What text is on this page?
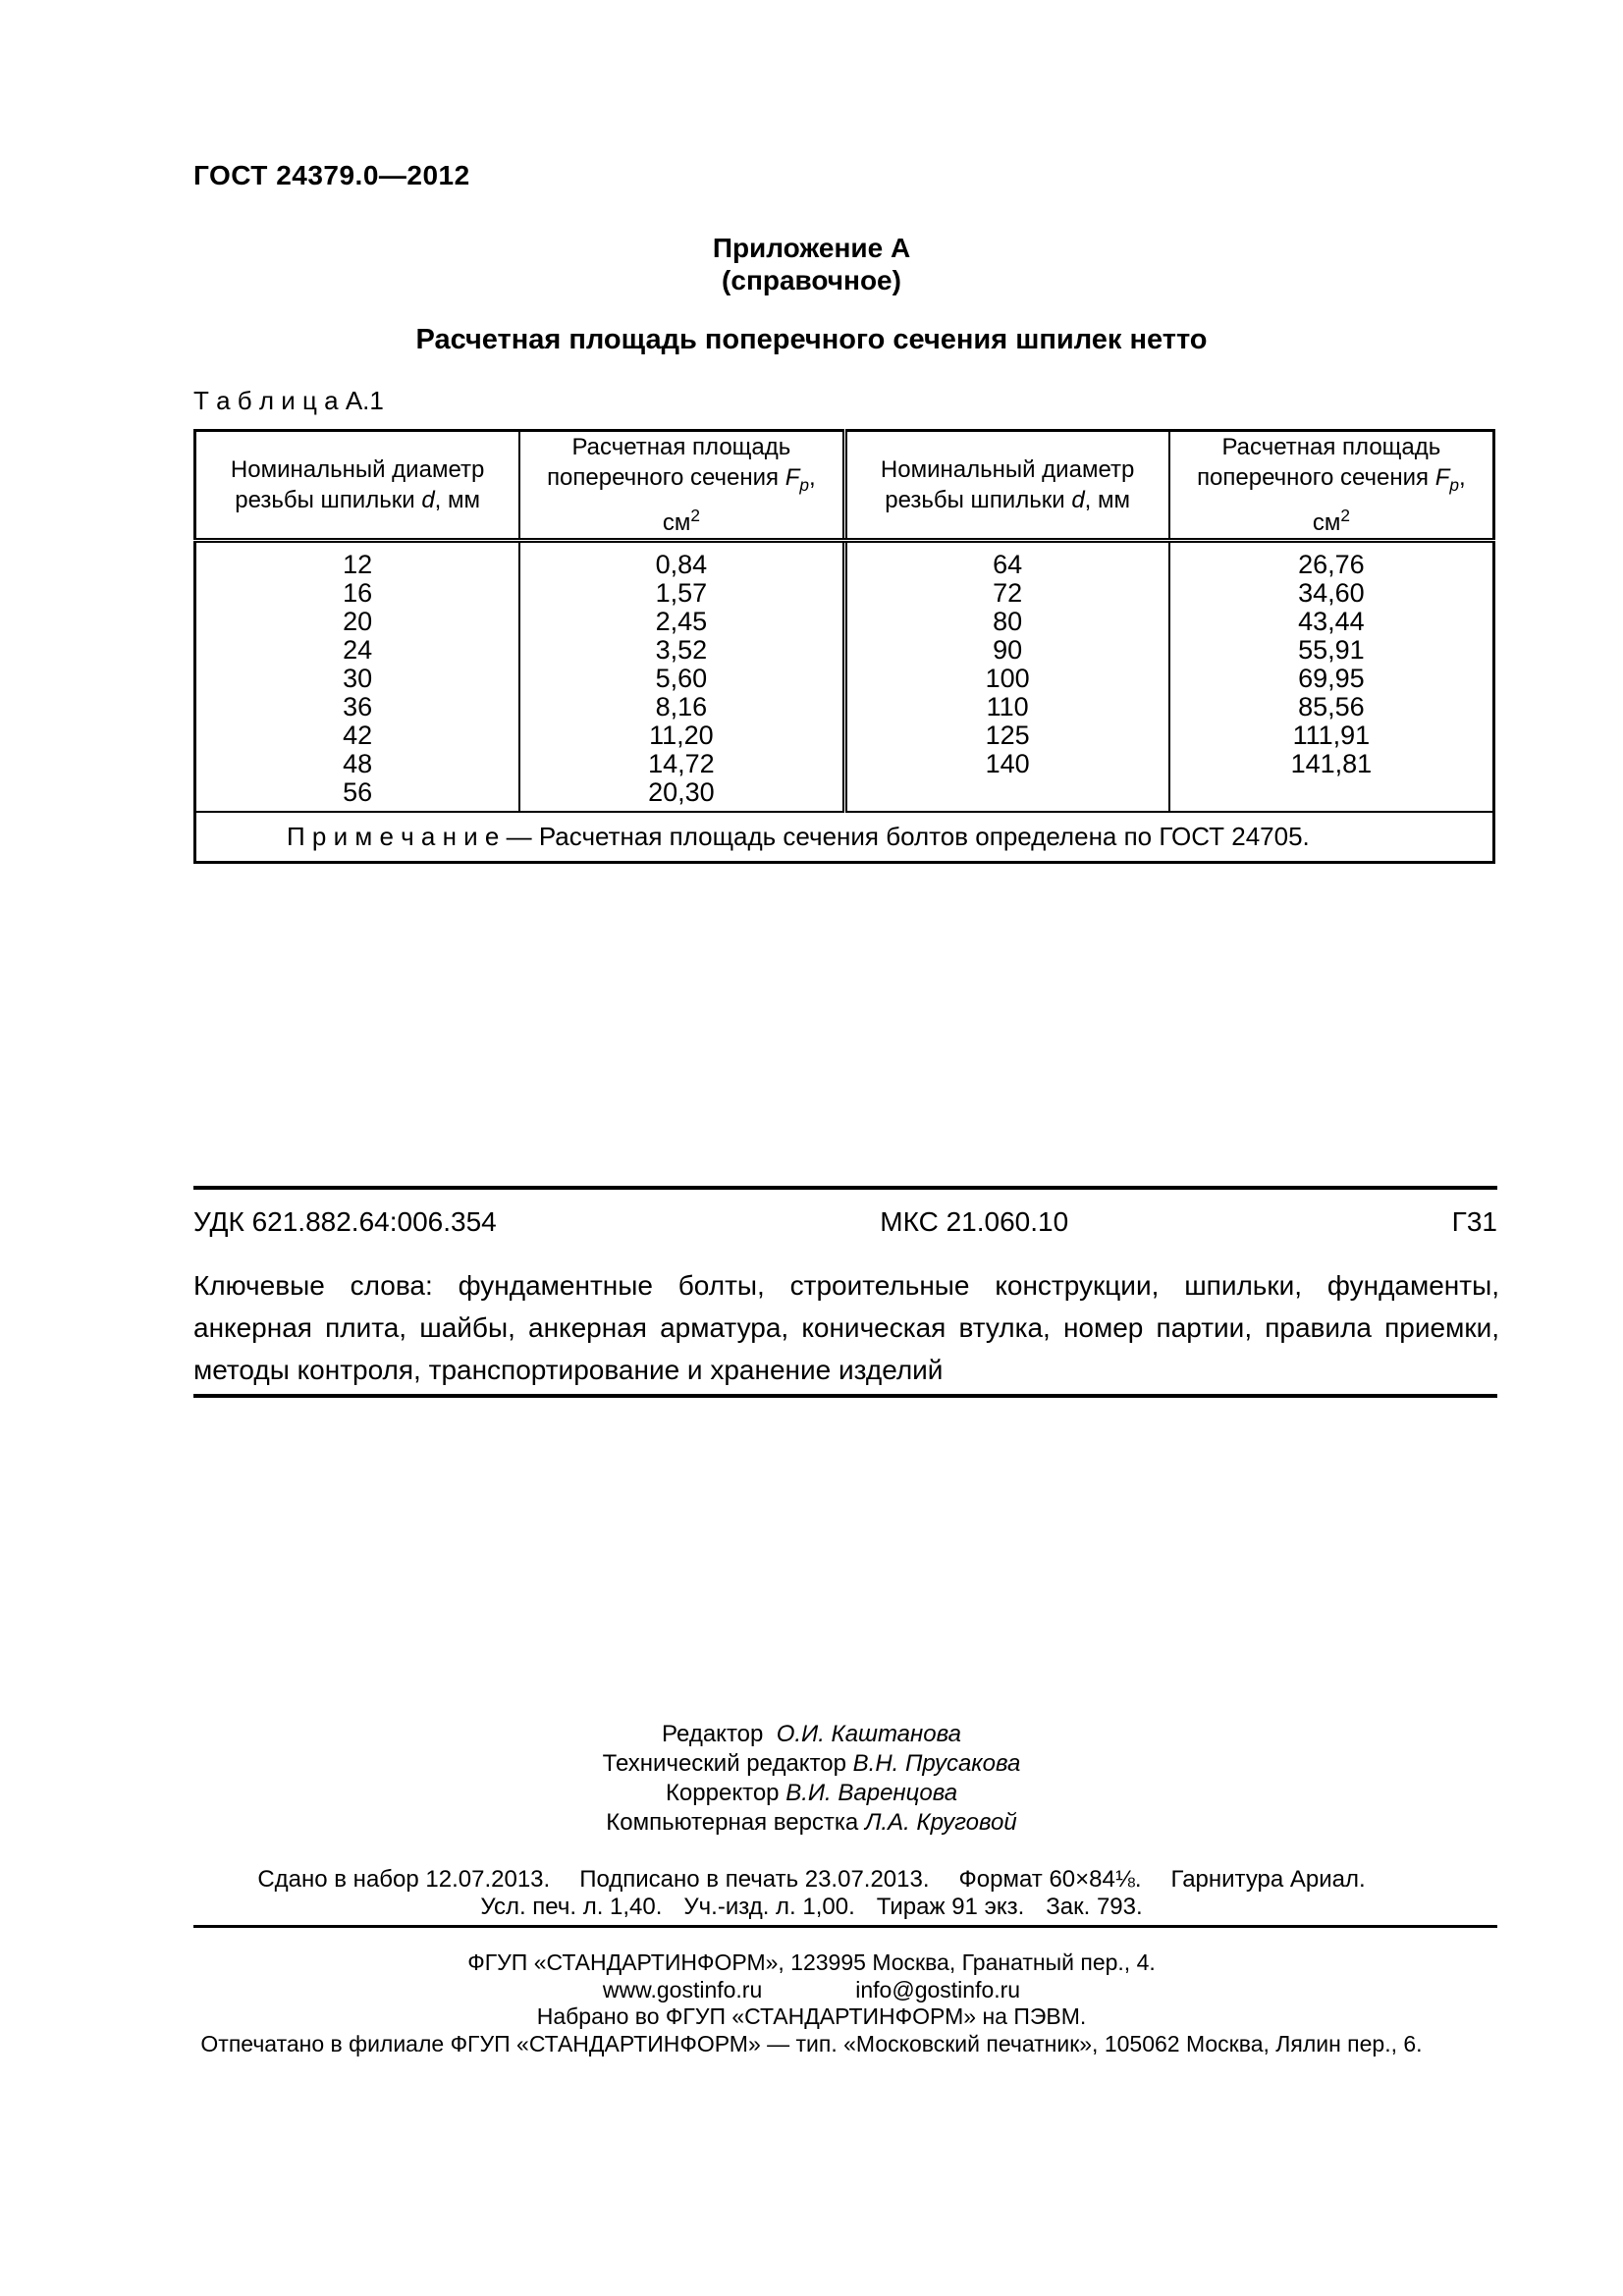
ГОСТ 24379.0—2012
Приложение А
(справочное)
Расчетная площадь поперечного сечения шпилек нетто
Т а б л и ц а А.1
Номинальный диаметр
резьбы шпильки d, мм	Расчетная площадь
поперечного сечения $F_p$, $см^2$	Номинальный диаметр
резьбы шпильки d, мм	Расчетная площадь
поперечного сечения $F_p$, $см^2$
12	0,84	64	26,76
16	1,57	72	34,60
20	2,45	80	43,44
24	3,52	90	55,91
30	5,60	100	69,95
36	8,16	110	85,56
42	11,20	125	111,91
48	14,72	140	141,81
56	20,30		
П р и м е ч а н и е — Расчетная площадь сечения болтов определена по ГОСТ 24705.			
УДК 621.882.64:006.354	МКС 21.060.10	Г31
Ключевые слова: фундаментные болты, строительные конструкции, шпильки, фундаменты, анкерная плита, шайбы, анкерная арматура, коническая втулка, номер партии, правила приемки, методы контроля, транспортирование и хранение изделий
Редактор О.И. Каштанова
Технический редактор В.Н. Прусакова
Корректор В.И. Варенцова
Компьютерная верстка Л.А. Круговой
Сдано в набор 12.07.2013. Подписано в печать 23.07.2013. Формат 60×84⅛. Гарнитура Ариал.
Усл. печ. л. 1,40. Уч.-изд. л. 1,00. Тираж 91 экз. Зак. 793.
ФГУП «СТАНДАРТИНФОРМ», 123995 Москва, Гранатный пер., 4.
www.gostinfo.ru	info@gostinfo.ru
Набрано во ФГУП «СТАНДАРТИНФОРМ» на ПЭВМ.
Отпечатано в филиале ФГУП «СТАНДАРТИНФОРМ» — тип. «Московский печатник», 105062 Москва, Лялин пер., 6.
